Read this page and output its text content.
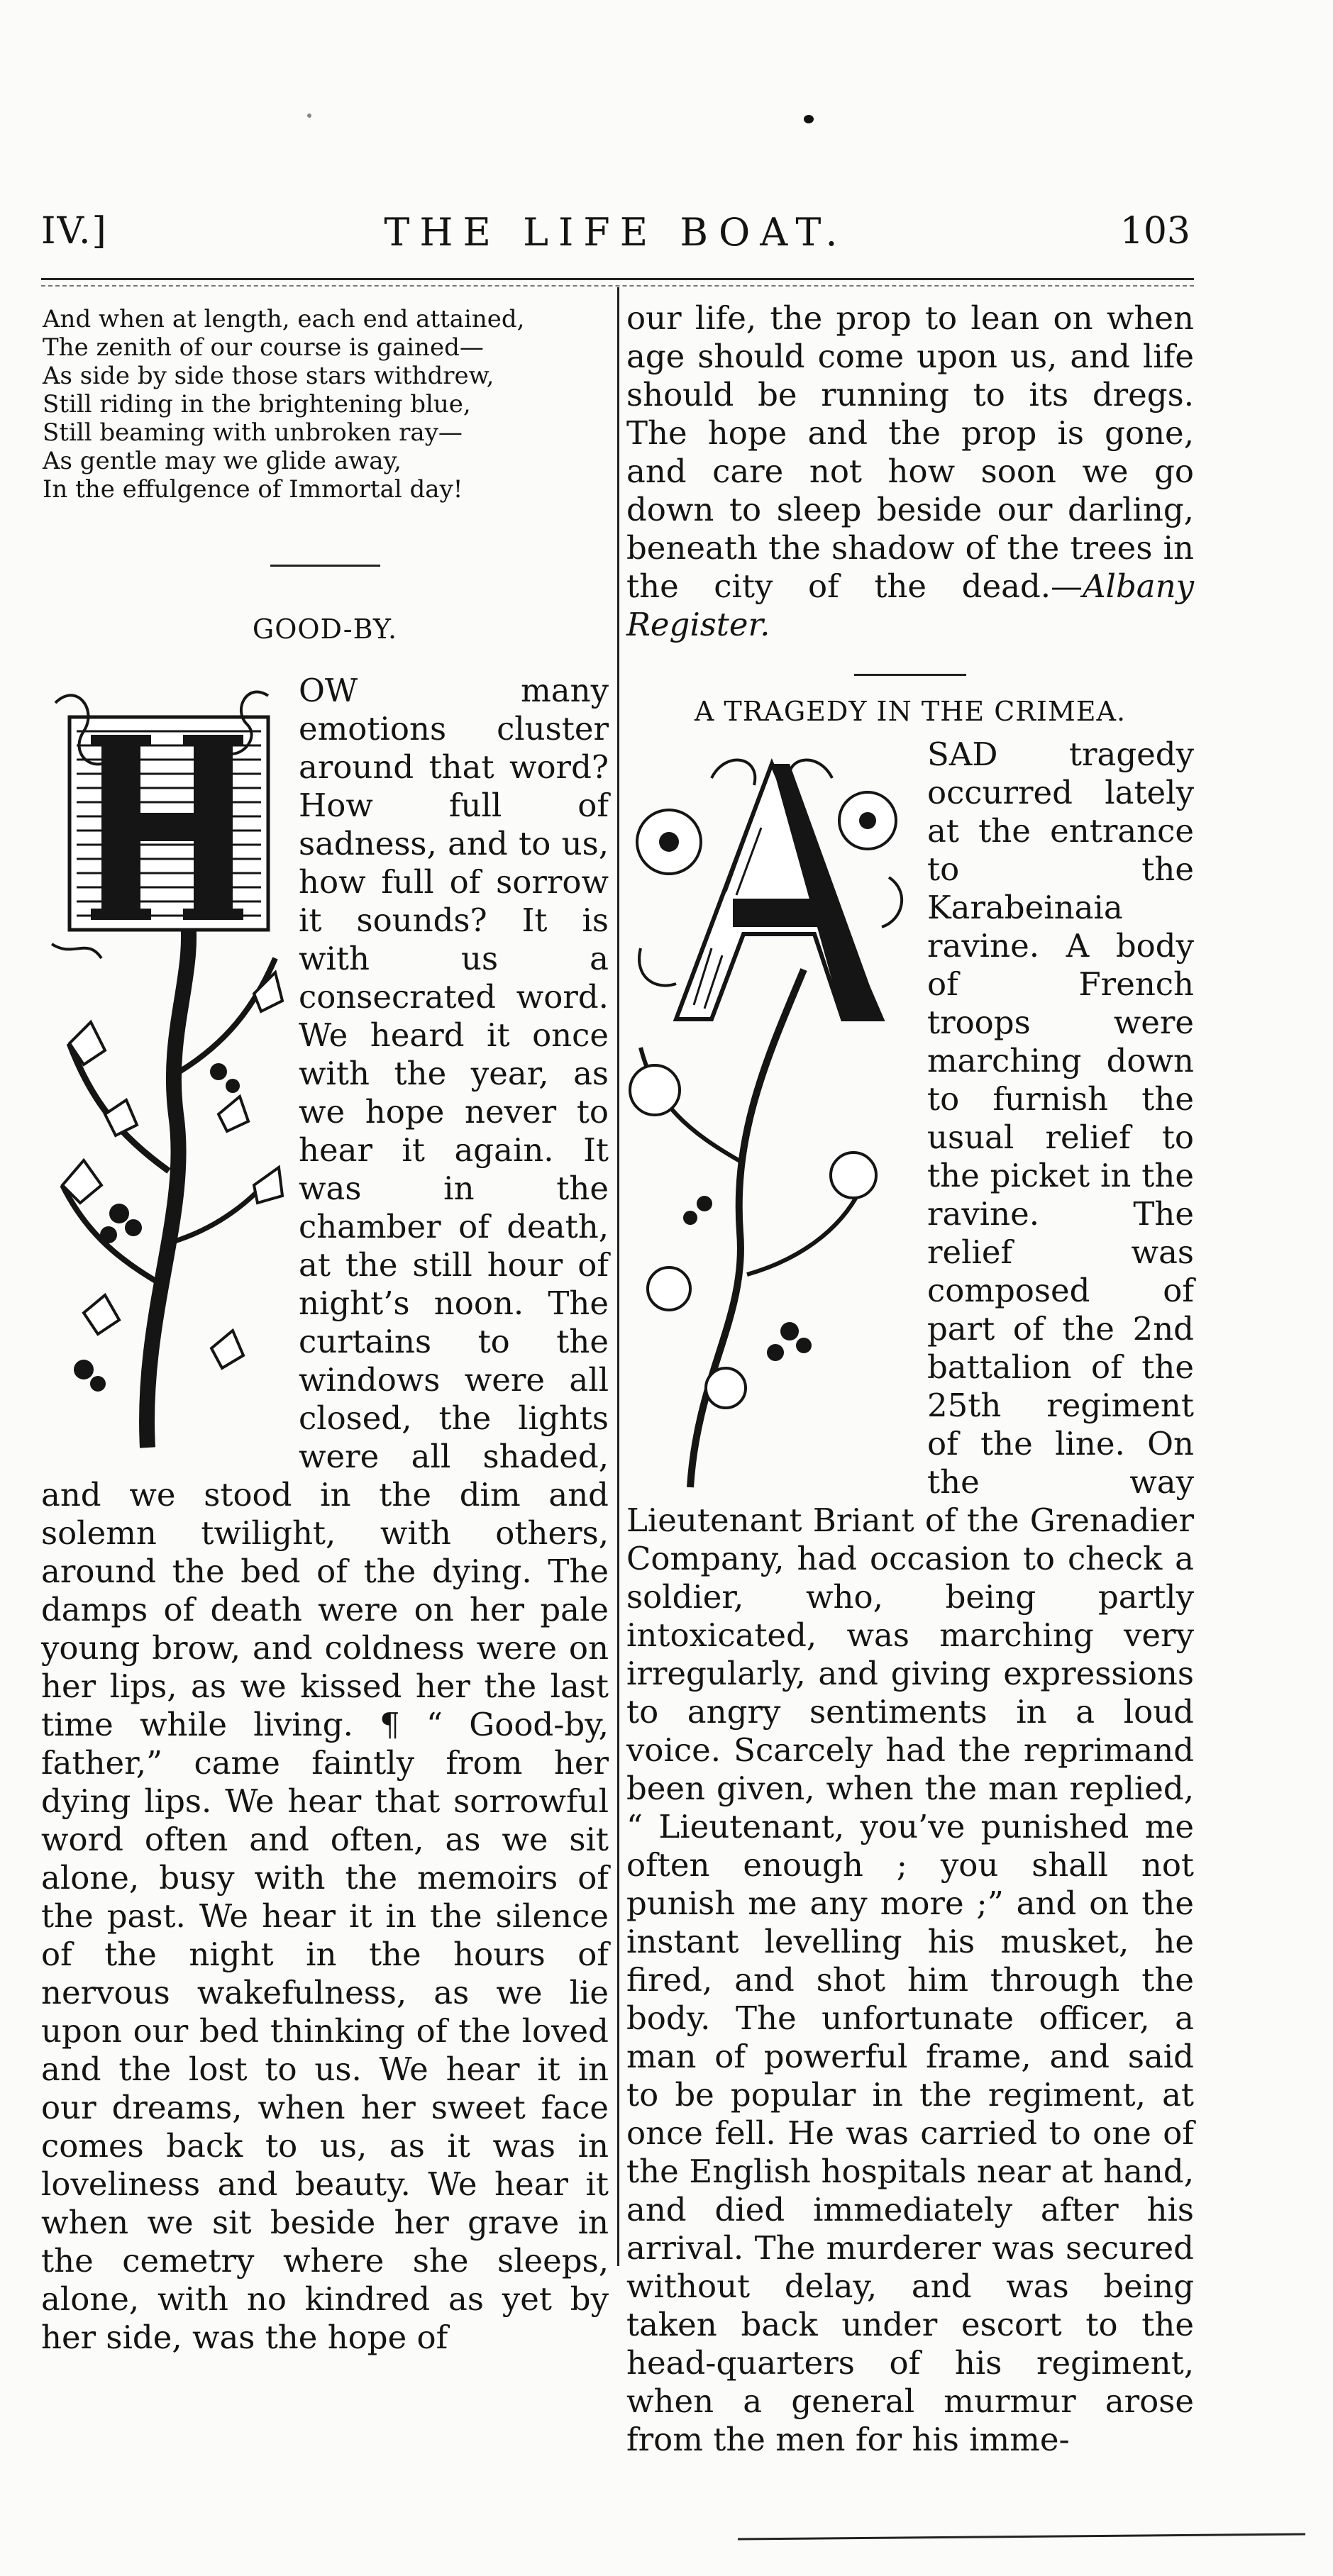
IV.]	THE LIFE BOAT.	103
And when at length, each end attained,
The zenith of our course is gained—
As side by side those stars withdrew,
Still riding in the brightening blue,
Still beaming with unbroken ray—
As gentle may we glide away,
In the effulgence of Immortal day!
GOOD-BY.

OW many emotions cluster around that word? How full of sadness, and to us, how full of sorrow it sounds? It is with us a consecrated word. We heard it once with the year, as we hope never to hear it again. It was in the chamber of death, at the still hour of night’s noon. The curtains to the windows were all closed, the lights were all shaded, and we stood in the dim and solemn twilight, with others, around the bed of the dying. The damps of death were on her pale young brow, and coldness were on her lips, as we kissed her the last time while living. ¶ “ Good-by, father,” came faintly from her dying lips. We hear that sorrowful word often and often, as we sit alone, busy with the memoirs of the past. We hear it in the silence of the night in the hours of nervous wakefulness, as we lie upon our bed thinking of the loved and the lost to us. We hear it in our dreams, when her sweet face comes back to us, as it was in loveliness and beauty. We hear it when we sit beside her grave in the cemetry where she sleeps, alone, with no kindred as yet by her side, was the hope of

our life, the prop to lean on when age should come upon us, and life should be running to its dregs. The hope and the prop is gone, and care not how soon we go down to sleep beside our darling, beneath the shadow of the trees in the city of the dead.—Albany Register.

A TRAGEDY IN THE CRIMEA.

SAD tragedy occurred lately at the entrance to the Karabeinaia ravine. A body of French troops were marching down to furnish the usual relief to the picket in the ravine. The relief was composed of part of the 2nd battalion of the 25th regiment of the line. On the way Lieutenant Briant of the Grenadier Company, had occasion to check a soldier, who, being partly intoxicated, was marching very irregularly, and giving expressions to angry sentiments in a loud voice. Scarcely had the reprimand been given, when the man replied, “ Lieutenant, you’ve punished me often enough ; you shall not punish me any more ;” and on the instant levelling his musket, he fired, and shot him through the body. The unfortunate officer, a man of powerful frame, and said to be popular in the regiment, at once fell. He was carried to one of the English hospitals near at hand, and died immediately after his arrival. The murderer was secured without delay, and was being taken back under escort to the head-quarters of his regiment, when a general murmur arose from the men for his imme-
